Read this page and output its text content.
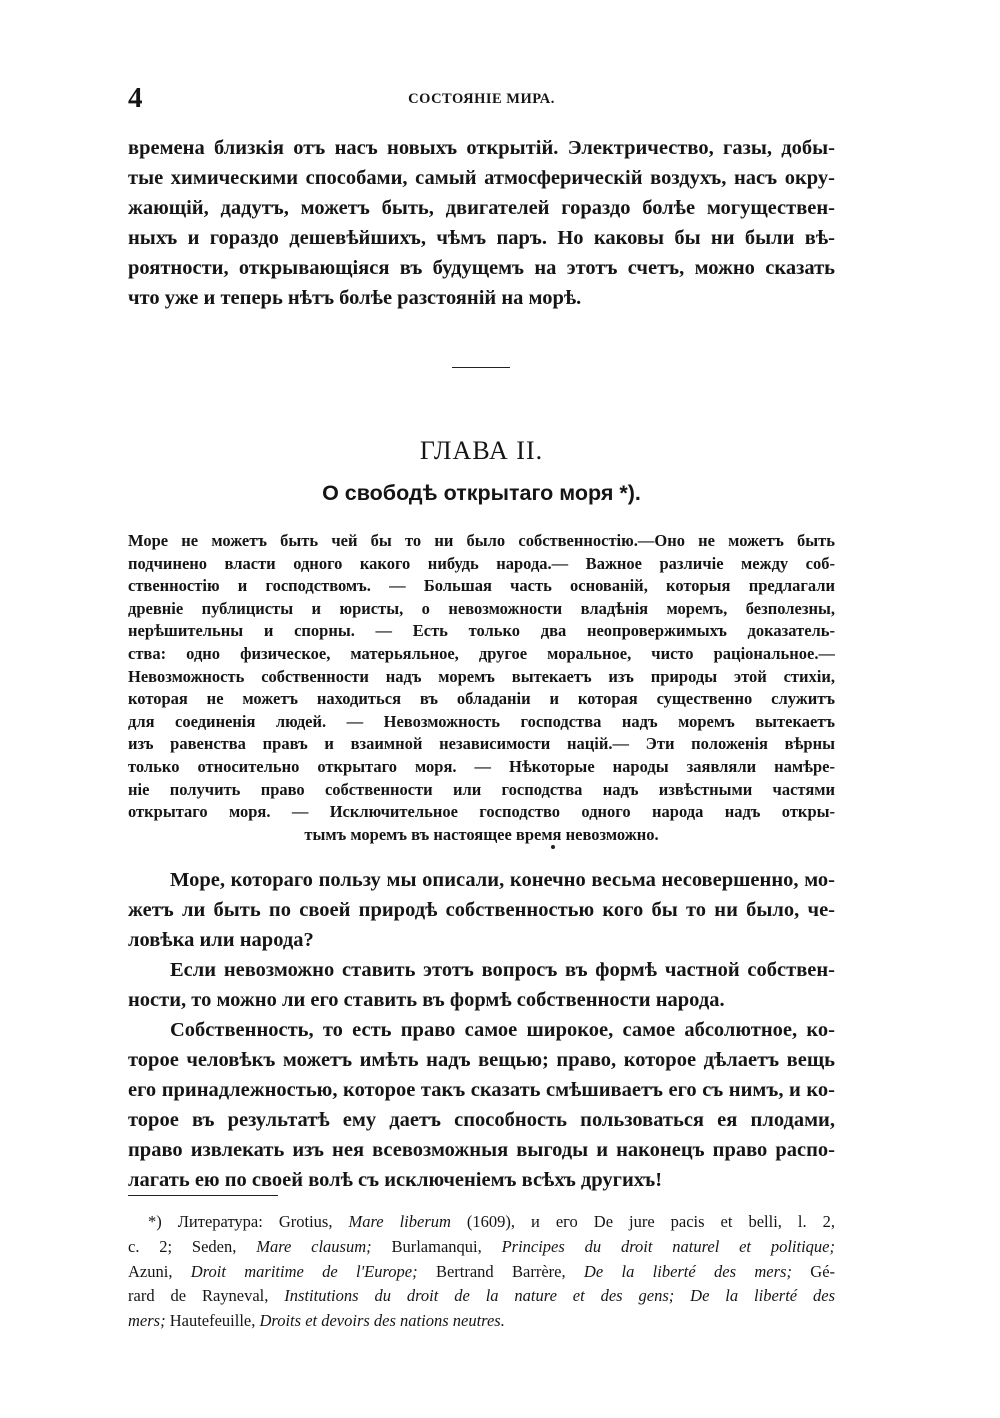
4	СОСТОЯНІЕ МИРА.
времена близкія отъ насъ новыхъ открытій. Электричество, газы, добы-
тые химическими способами, самый атмосферическій воздухъ, насъ окру-
жающій, дадутъ, можетъ быть, двигателей гораздо болѣе могуществен-
ныхъ и гораздо дешевѣйшихъ, чѣмъ паръ. Но каковы бы ни были вѣ-
роятности, открывающіяся въ будущемъ на этотъ счетъ, можно сказать
что уже и теперь нѣтъ болѣе разстояній на морѣ.
ГЛАВА II.
О свободѣ открытаго моря *).
Море не можетъ быть чей бы то ни было собственностію.—Оно не можетъ быть
подчинено власти одного какого нибудь народа.— Важное различіе между соб-
ственностію и господствомъ. — Большая часть основаній, которыя предлагали
древніе публицисты и юристы, о невозможности владѣнія моремъ, безполезны,
нерѣшительны и спорны. — Есть только два неопровержимыхъ доказатель-
ства: одно физическое, матерьяльное, другое моральное, чисто раціональное.—
Невозможность собственности надъ моремъ вытекаетъ изъ природы этой стихіи,
которая не можетъ находиться въ обладаніи и которая существенно служитъ
для соединенія людей. — Невозможность господства надъ моремъ вытекаетъ
изъ равенства правъ и взаимной независимости націй.— Эти положенія вѣрны
только относительно открытаго моря. — Нѣкоторые народы заявляли намѣре-
ніе получить право собственности или господства надъ извѣстными частями
открытаго моря. — Исключительное господство одного народа надъ откры-
тымъ моремъ въ настоящее время невозможно.
Море, котораго пользу мы описали, конечно весьма несовершенно, мо-
жетъ ли быть по своей природѣ собственностью кого бы то ни было, че-
ловѣка или народа?
Если невозможно ставить этотъ вопросъ въ формѣ частной собствен-
ности, то можно ли его ставить въ формѣ собственности народа.
Собственность, то есть право самое широкое, самое абсолютное, ко-
торое человѣкъ можетъ имѣть надъ вещью; право, которое дѣлаетъ вещь
его принадлежностью, которое такъ сказать смѣшиваетъ его съ нимъ, и ко-
торое въ результатѣ ему даетъ способность пользоваться ея плодами,
право извлекать изъ нея всевозможныя выгоды и наконецъ право распо-
лагать ею по своей волѣ съ исключеніемъ всѣхъ другихъ!
*) Литература: Grotius, Mare liberum (1609), и его De jure pacis et belli, l. 2,
c. 2; Seden, Mare clausum; Burlamanqui, Principes du droit naturel et politique;
Azuni, Droit maritime de l'Europe; Bertrand Barrère, De la liberté des mers; Gé-
rard de Rayneval, Institutions du droit de la nature et des gens; De la liberté des
mers; Hautefeuille, Droits et devoirs des nations neutres.
